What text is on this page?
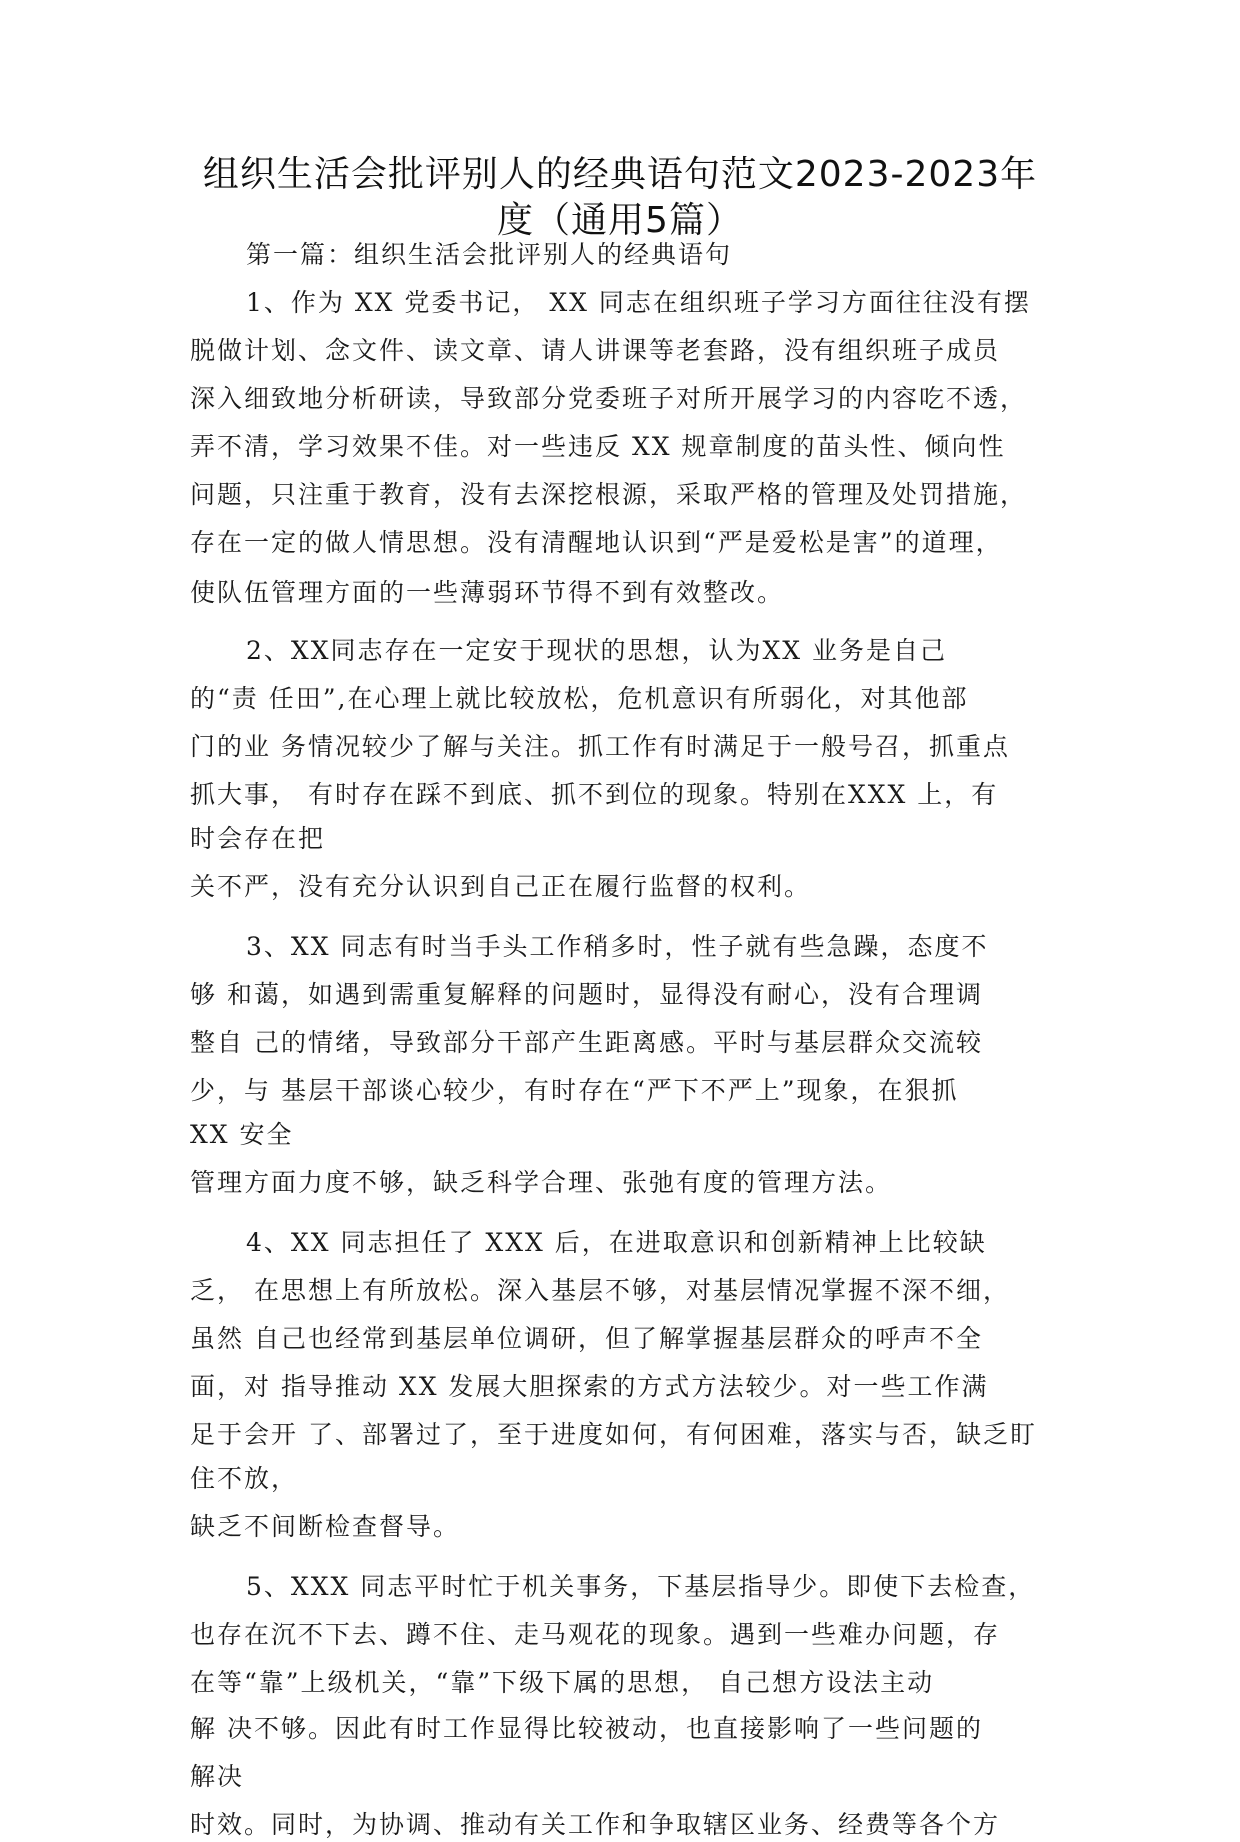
组织生活会批评别人的经典语句范文2023-2023年
度（通用5篇）
第一篇：组织生活会批评别人的经典语句
1、作为 XX 党委书记， XX 同志在组织班子学习方面往往没有摆
脱做计划、念文件、读文章、请人讲课等老套路，没有组织班子成员
深入细致地分析研读，导致部分党委班子对所开展学习的内容吃不透，
弄不清，学习效果不佳。对一些违反 XX 规章制度的苗头性、倾向性
问题，只注重于教育，没有去深挖根源，采取严格的管理及处罚措施，
存在一定的做人情思想。没有清醒地认识到“严是爱松是害”的道理，
使队伍管理方面的一些薄弱环节得不到有效整改。
2、XX同志存在一定安于现状的思想，认为XX 业务是自己
的“责 任田”,在心理上就比较放松，危机意识有所弱化，对其他部
门的业 务情况较少了解与关注。抓工作有时满足于一般号召，抓重点
抓大事， 有时存在踩不到底、抓不到位的现象。特别在XXX 上，有
时会存在把
关不严，没有充分认识到自己正在履行监督的权利。
3、XX 同志有时当手头工作稍多时，性子就有些急躁，态度不
够 和蔼，如遇到需重复解释的问题时，显得没有耐心，没有合理调
整自 己的情绪，导致部分干部产生距离感。平时与基层群众交流较
少，与 基层干部谈心较少，有时存在“严下不严上”现象，在狠抓
XX 安全
管理方面力度不够，缺乏科学合理、张弛有度的管理方法。
4、XX 同志担任了 XXX 后，在进取意识和创新精神上比较缺
乏， 在思想上有所放松。深入基层不够，对基层情况掌握不深不细，
虽然 自己也经常到基层单位调研，但了解掌握基层群众的呼声不全
面，对 指导推动 XX 发展大胆探索的方式方法较少。对一些工作满
足于会开 了、部署过了，至于进度如何，有何困难，落实与否，缺乏盯
住不放，
缺乏不间断检查督导。
5、XXX 同志平时忙于机关事务，下基层指导少。即使下去检查，
也存在沉不下去、蹲不住、走马观花的现象。遇到一些难办问题，存
在等“靠”上级机关，“靠”下级下属的思想， 自己想方设法主动
解 决不够。因此有时工作显得比较被动，也直接影响了一些问题的
解决
时效。同时，为协调、推动有关工作和争取辖区业务、经费等各个方
